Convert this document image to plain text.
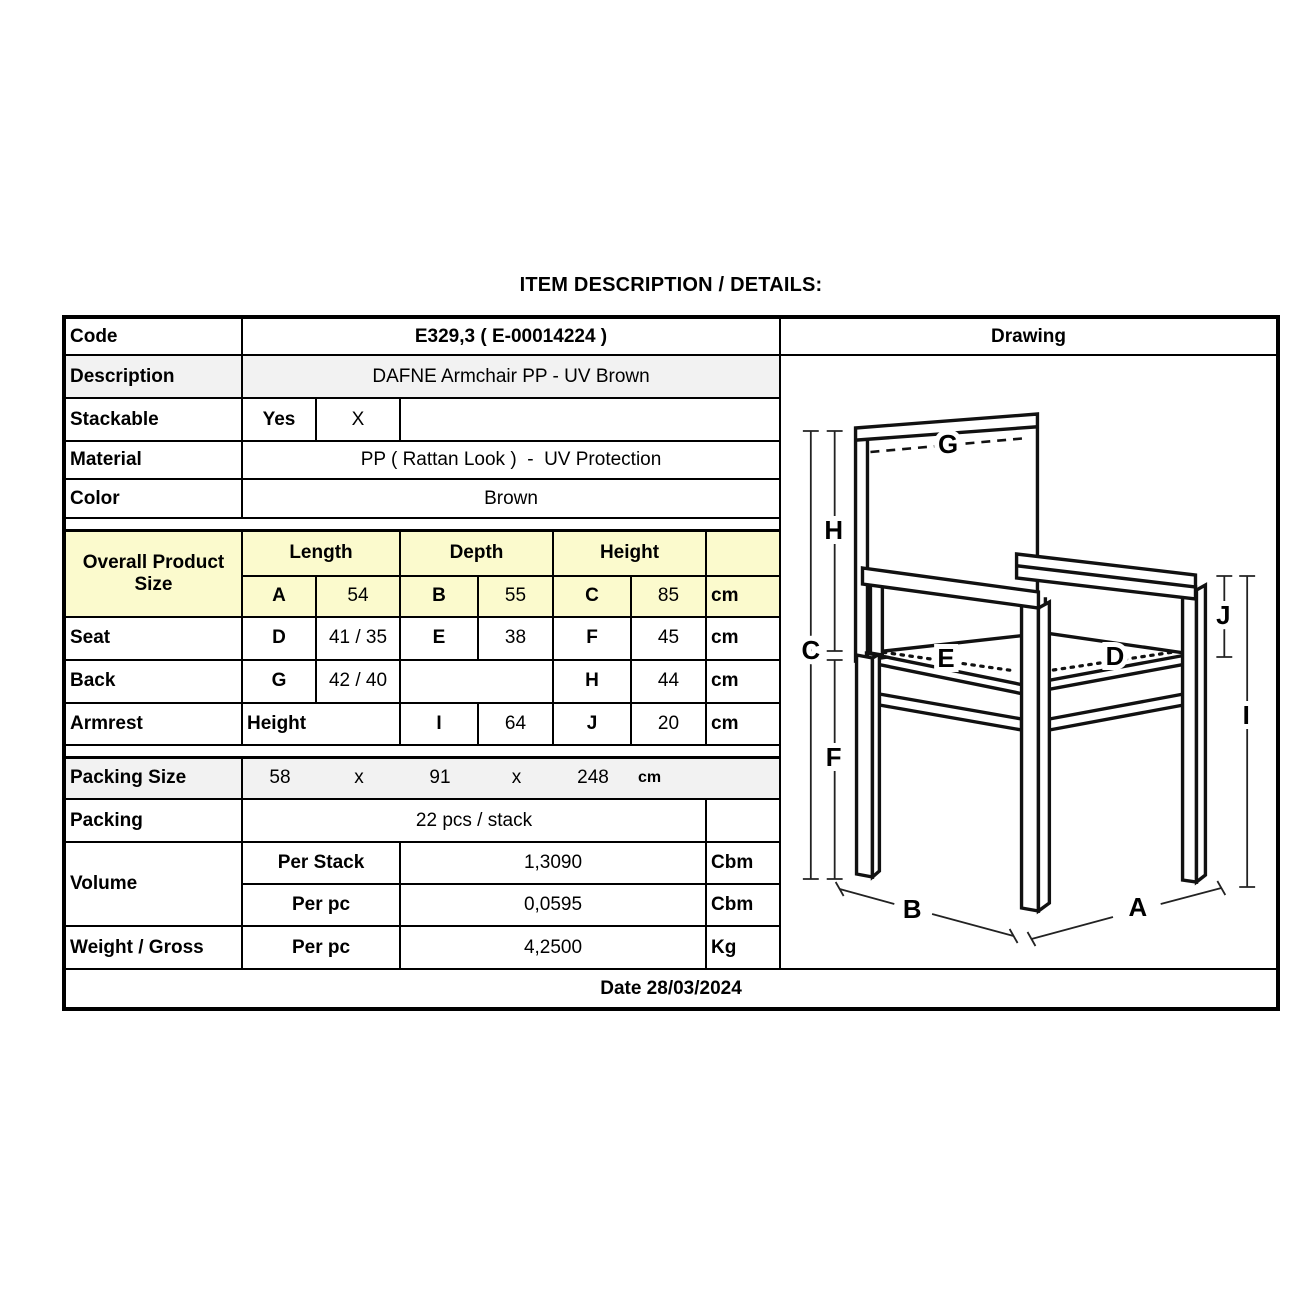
ITEM DESCRIPTION / DETAILS:
Code	E329,3 ( E-00014224 )							Drawing
Description	DAFNE Armchair PP - UV Brown	
G
H
C
F
E	D
J
I
B	A

Stackable	Yes	X						
Material	PP ( Rattan Look )  -  UV Protection							
Color	Brown							

Overall Product
Size	Length		Depth		Height			
	A	54	B	55	C	85	cm	
Seat	D	41 / 35	E	38	F	45	cm	
Back	G	42 / 40			H	44	cm	
Armrest	Height		I	64	J	20	cm	

Packing Size	58	x	91	x	248	cm

Packing	22 pcs / stack							
Volume	Per Stack		1,3090				Cbm	
	Per pc		0,0595				Cbm	
Weight / Gross	Per pc		4,2500				Kg	
Date 28/03/2024								
